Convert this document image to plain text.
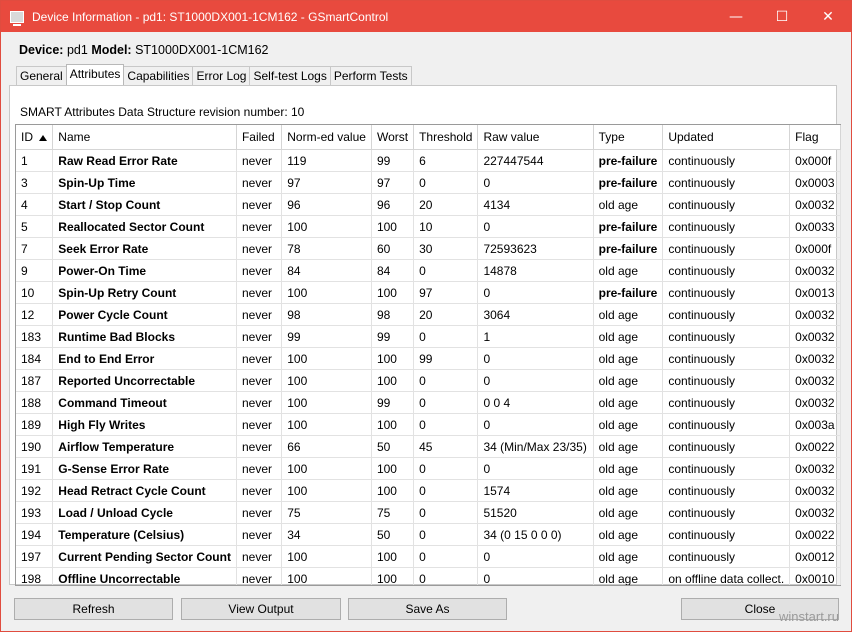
Device Information - pd1: ST1000DX001-1CM162 - GSmartControl	—	☐	✕
Device: pd1 Model: ST1000DX001-1CM162
General Attributes Capabilities Error Log Self-test Logs Perform Tests
SMART Attributes Data Structure revision number: 10
ID	Name	Failed	Norm-ed value	Worst	Threshold	Raw value	Type	Updated	Flag
1	Raw Read Error Rate	never	119	99	6	227447544	pre-failure	continuously	0x000f
3	Spin-Up Time	never	97	97	0	0	pre-failure	continuously	0x0003
4	Start / Stop Count	never	96	96	20	4134	old age	continuously	0x0032
5	Reallocated Sector Count	never	100	100	10	0	pre-failure	continuously	0x0033
7	Seek Error Rate	never	78	60	30	72593623	pre-failure	continuously	0x000f
9	Power-On Time	never	84	84	0	14878	old age	continuously	0x0032
10	Spin-Up Retry Count	never	100	100	97	0	pre-failure	continuously	0x0013
12	Power Cycle Count	never	98	98	20	3064	old age	continuously	0x0032
183	Runtime Bad Blocks	never	99	99	0	1	old age	continuously	0x0032
184	End to End Error	never	100	100	99	0	old age	continuously	0x0032
187	Reported Uncorrectable	never	100	100	0	0	old age	continuously	0x0032
188	Command Timeout	never	100	99	0	0 0 4	old age	continuously	0x0032
189	High Fly Writes	never	100	100	0	0	old age	continuously	0x003a
190	Airflow Temperature	never	66	50	45	34 (Min/Max 23/35)	old age	continuously	0x0022
191	G-Sense Error Rate	never	100	100	0	0	old age	continuously	0x0032
192	Head Retract Cycle Count	never	100	100	0	1574	old age	continuously	0x0032
193	Load / Unload Cycle	never	75	75	0	51520	old age	continuously	0x0032
194	Temperature (Celsius)	never	34	50	0	34 (0 15 0 0 0)	old age	continuously	0x0022
197	Current Pending Sector Count	never	100	100	0	0	old age	continuously	0x0012
198	Offline Uncorrectable	never	100	100	0	0	old age	on offline data collect.	0x0010
Refresh	View Output	Save As	Close winstart.ru
